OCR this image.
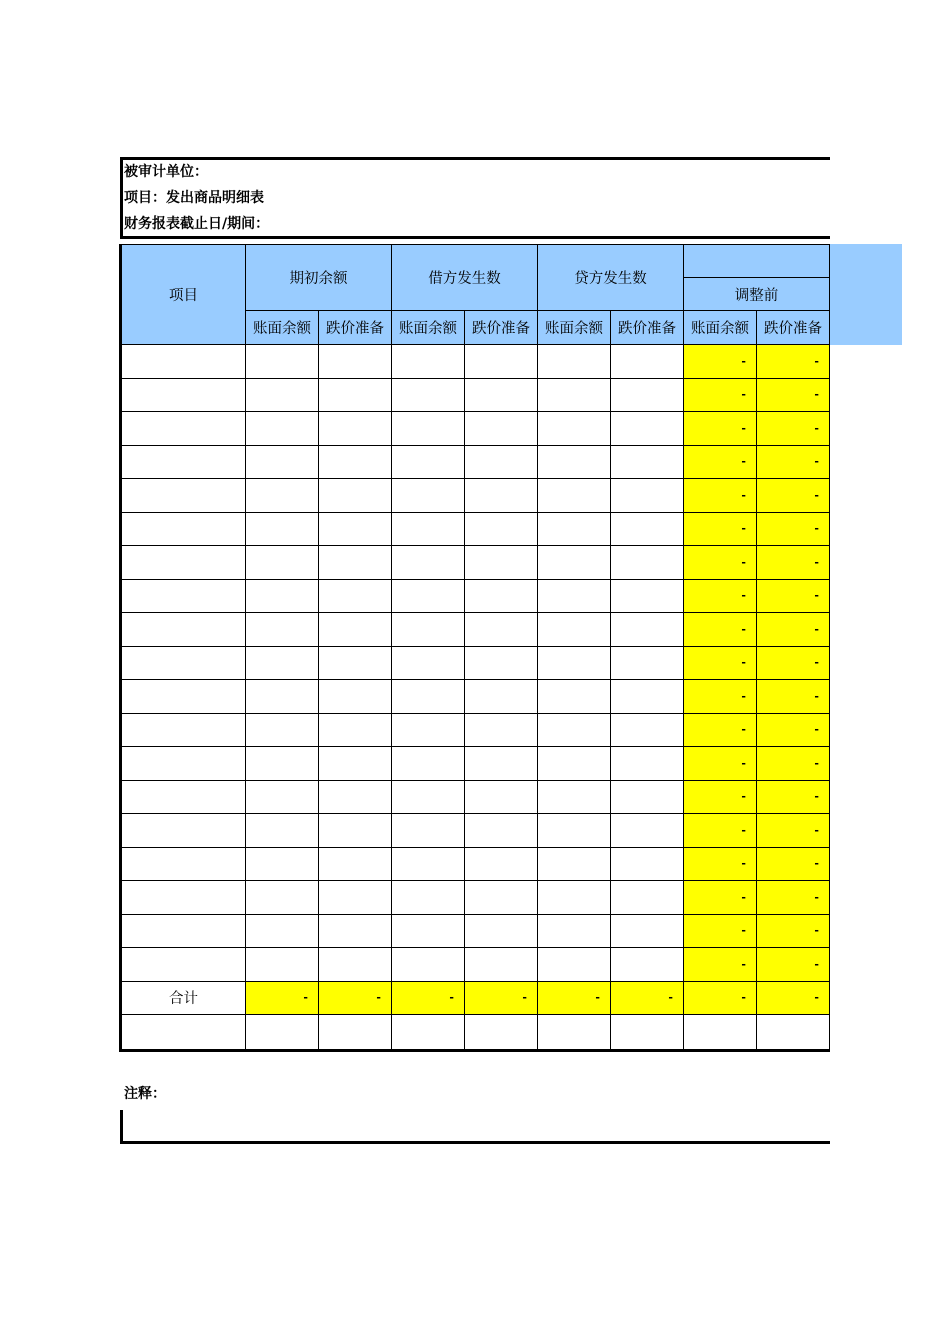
被审计单位：
项目：发出商品明细表
财务报表截止日/期间：
项目	期初余额		借方发生数		贷方发生数			
							调整前	
	账面余额	跌价准备	账面余额	跌价准备	账面余额	跌价准备	账面余额	跌价准备
							-	-
							-	-
							-	-
							-	-
							-	-
							-	-
							-	-
							-	-
							-	-
							-	-
							-	-
							-	-
							-	-
							-	-
							-	-
							-	-
							-	-
							-	-
							-	-
合计	-	-	-	-	-	-	-	-

注释：
